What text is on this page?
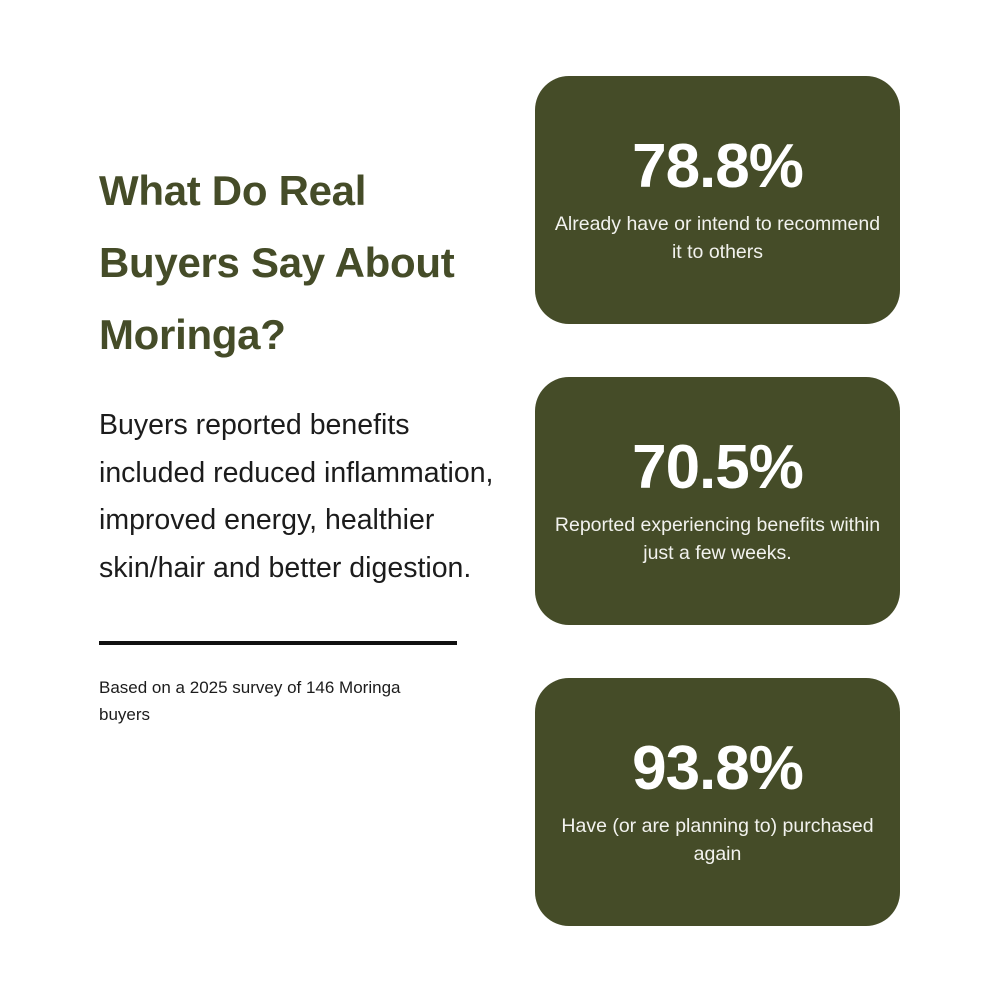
What Do Real Buyers Say About Moringa?

Buyers reported benefits included reduced inflammation, improved energy, healthier skin/hair and better digestion.

Based on a 2025 survey of 146 Moringa buyers

78.8%
Already have or intend to recommend it to others
70.5%
Reported experiencing benefits within just a few weeks.
93.8%
Have (or are planning to) purchased again
